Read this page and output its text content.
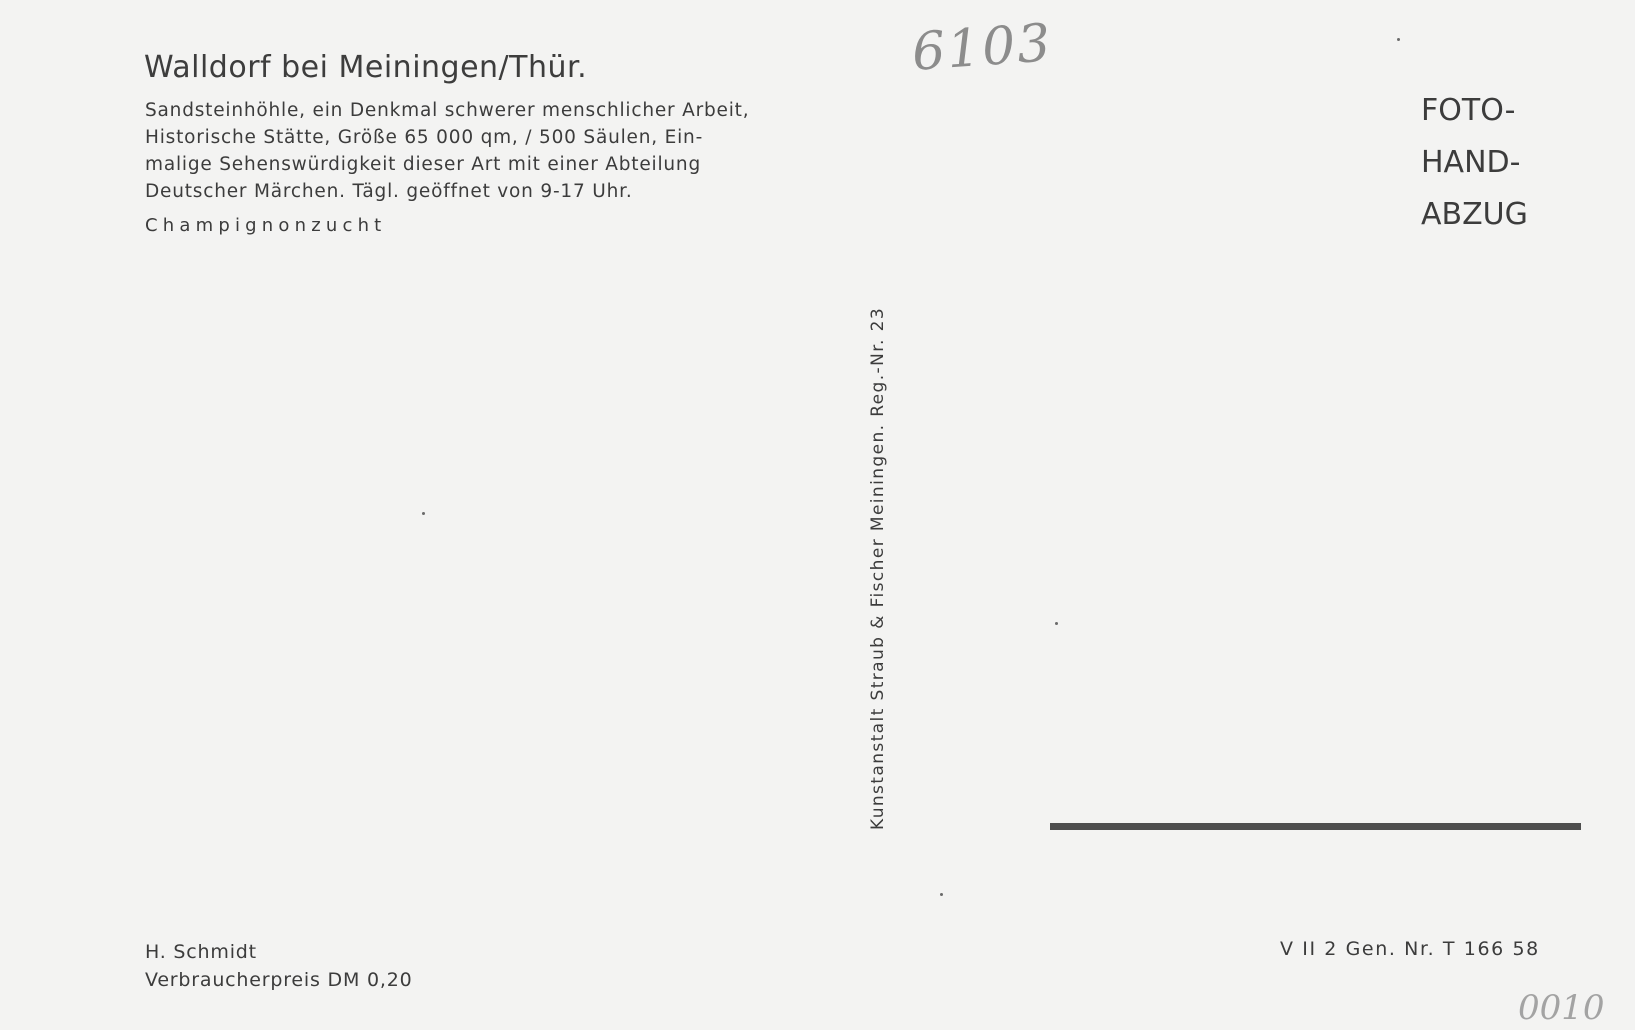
Walldorf bei Meiningen/Thür.
Sandsteinhöhle, ein Denkmal schwerer menschlicher Arbeit,
Historische Stätte, Größe 65 000 qm, ∕ 500 Säulen, Ein-
malige Sehenswürdigkeit dieser Art mit einer Abteilung
Deutscher Märchen. Tägl. geöffnet von 9-17 Uhr.
Champignonzucht
6103
FOTO-
HAND-
ABZUG
Kunstanstalt Straub & Fischer Meiningen. Reg.-Nr. 23
H. Schmidt
Verbraucherpreis DM 0,20
V II 2 Gen. Nr. T 166 58
0010
